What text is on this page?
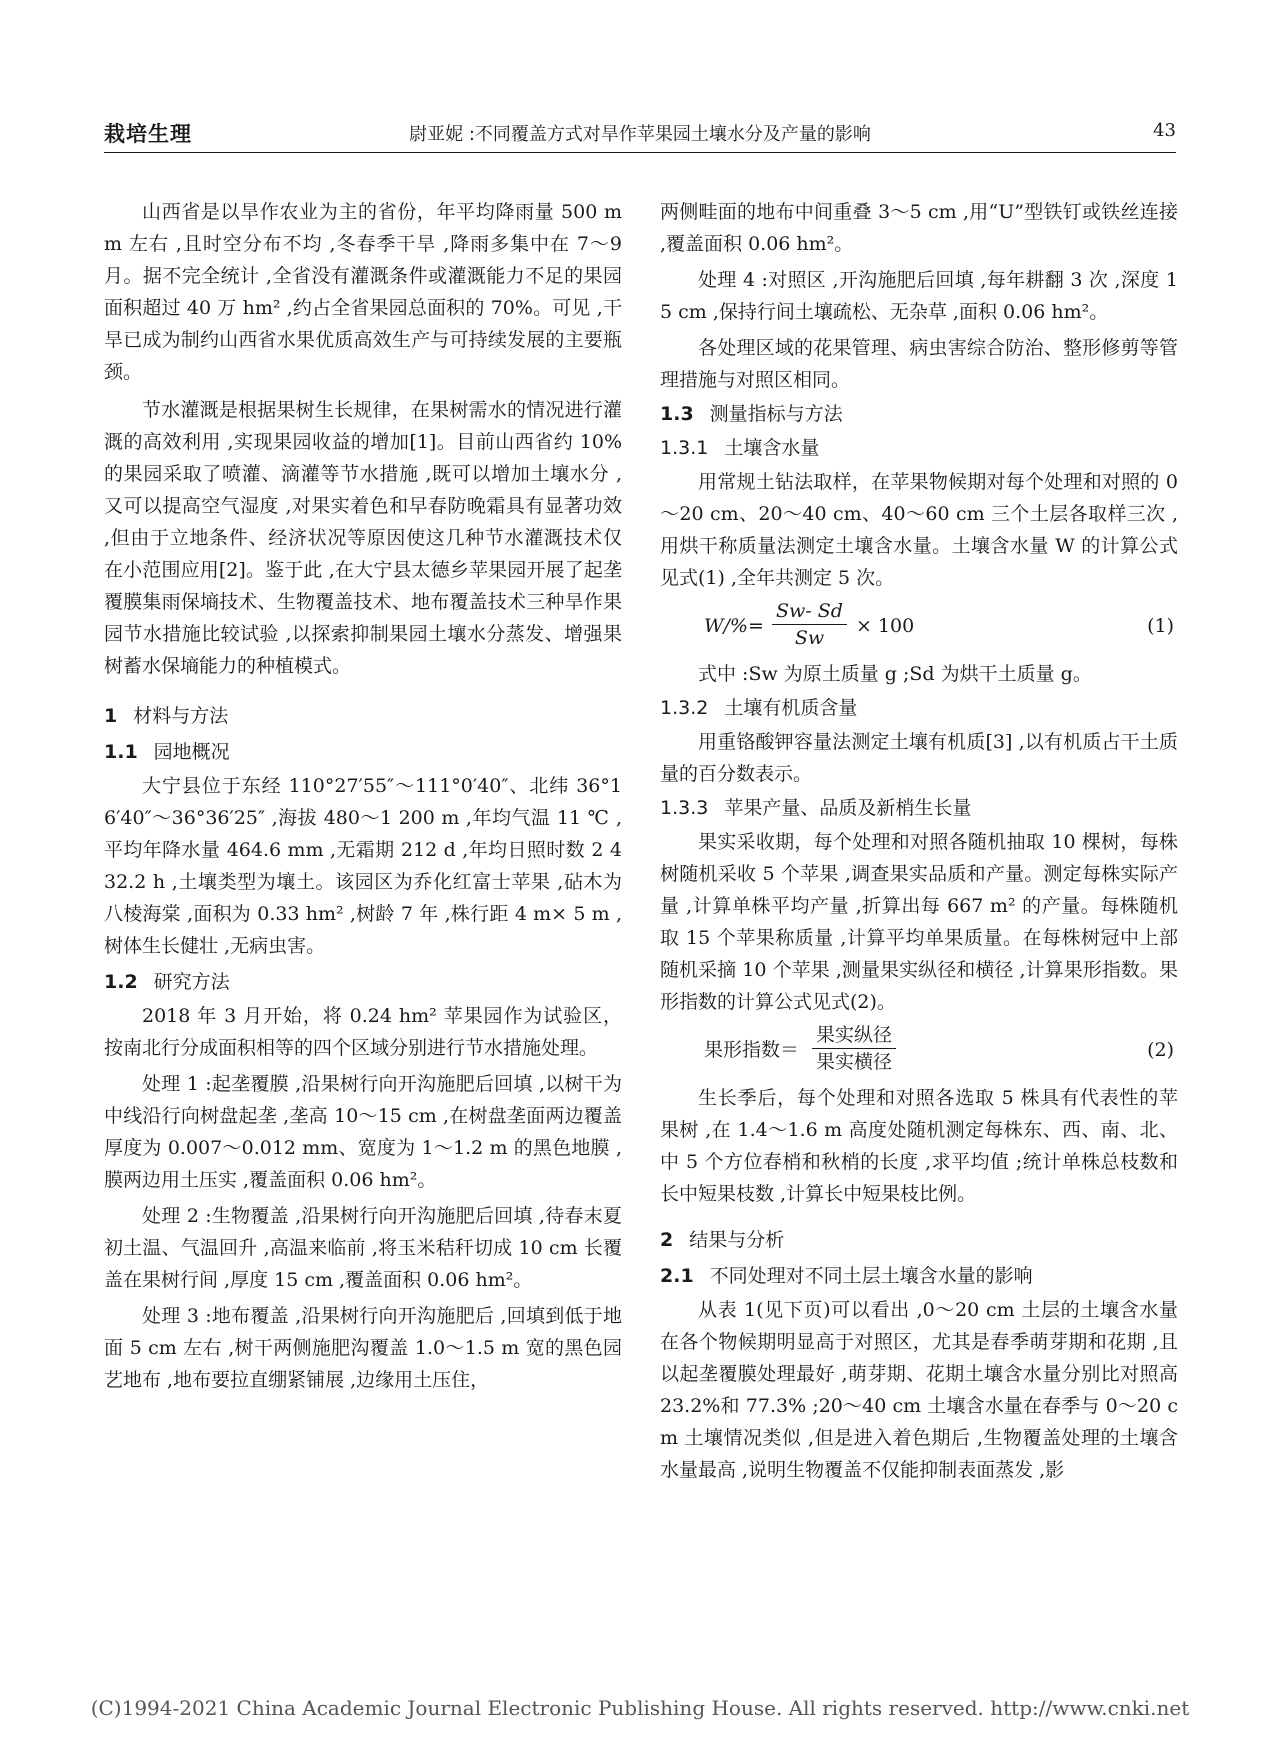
栽培生理	尉亚妮 :不同覆盖方式对旱作苹果园土壤水分及产量的影响	43

山西省是以旱作农业为主的省份，年平均降雨量 500 mm 左右 ,且时空分布不均 ,冬春季干旱 ,降雨多集中在 7～9 月。据不完全统计 ,全省没有灌溉条件或灌溉能力不足的果园面积超过 40 万 hm² ,约占全省果园总面积的 70%。可见 ,干旱已成为制约山西省水果优质高效生产与可持续发展的主要瓶颈。

节水灌溉是根据果树生长规律，在果树需水的情况进行灌溉的高效利用 ,实现果园收益的增加[1]。目前山西省约 10%的果园采取了喷灌、滴灌等节水措施 ,既可以增加土壤水分 ,又可以提高空气湿度 ,对果实着色和早春防晚霜具有显著功效 ,但由于立地条件、经济状况等原因使这几种节水灌溉技术仅在小范围应用[2]。鉴于此 ,在大宁县太德乡苹果园开展了起垄覆膜集雨保墒技术、生物覆盖技术、地布覆盖技术三种旱作果园节水措施比较试验 ,以探索抑制果园土壤水分蒸发、增强果树蓄水保墒能力的种植模式。

1 材料与方法
1.1 园地概况

大宁县位于东经 110°27′55″～111°0′40″、北纬 36°16′40″～36°36′25″ ,海拔 480～1 200 m ,年均气温 11 ℃ ,平均年降水量 464.6 mm ,无霜期 212 d ,年均日照时数 2 432.2 h ,土壤类型为壤土。该园区为乔化红富士苹果 ,砧木为八棱海棠 ,面积为 0.33 hm² ,树龄 7 年 ,株行距 4 m× 5 m ,树体生长健壮 ,无病虫害。

1.2 研究方法

2018 年 3 月开始，将 0.24 hm² 苹果园作为试验区，按南北行分成面积相等的四个区域分别进行节水措施处理。

处理 1 :起垄覆膜 ,沿果树行向开沟施肥后回填 ,以树干为中线沿行向树盘起垄 ,垄高 10～15 cm ,在树盘垄面两边覆盖厚度为 0.007～0.012 mm、宽度为 1～1.2 m 的黑色地膜 ,膜两边用土压实 ,覆盖面积 0.06 hm²。

处理 2 :生物覆盖 ,沿果树行向开沟施肥后回填 ,待春末夏初土温、气温回升 ,高温来临前 ,将玉米秸秆切成 10 cm 长覆盖在果树行间 ,厚度 15 cm ,覆盖面积 0.06 hm²。

处理 3 :地布覆盖 ,沿果树行向开沟施肥后 ,回填到低于地面 5 cm 左右 ,树干两侧施肥沟覆盖 1.0～1.5 m 宽的黑色园艺地布 ,地布要拉直绷紧铺展 ,边缘用土压住，

两侧畦面的地布中间重叠 3～5 cm ,用“U”型铁钉或铁丝连接 ,覆盖面积 0.06 hm²。

处理 4 :对照区 ,开沟施肥后回填 ,每年耕翻 3 次 ,深度 15 cm ,保持行间土壤疏松、无杂草 ,面积 0.06 hm²。

各处理区域的花果管理、病虫害综合防治、整形修剪等管理措施与对照区相同。

1.3 测量指标与方法
1.3.1 土壤含水量

用常规土钻法取样，在苹果物候期对每个处理和对照的 0～20 cm、20～40 cm、40～60 cm 三个土层各取样三次 ,用烘干称质量法测定土壤含水量。土壤含水量 W 的计算公式见式(1) ,全年共测定 5 次。

$W/\%= \frac{Sw- Sd}{Sw} \times 100$	(1)

式中 :Sw 为原土质量 g ;Sd 为烘干土质量 g。

1.3.2 土壤有机质含量

用重铬酸钾容量法测定土壤有机质[3] ,以有机质占干土质量的百分数表示。

1.3.3 苹果产量、品质及新梢生长量

果实采收期，每个处理和对照各随机抽取 10 棵树，每株树随机采收 5 个苹果 ,调查果实品质和产量。测定每株实际产量 ,计算单株平均产量 ,折算出每 667 m² 的产量。每株随机取 15 个苹果称质量 ,计算平均单果质量。在每株树冠中上部随机采摘 10 个苹果 ,测量果实纵径和横径 ,计算果形指数。果形指数的计算公式见式(2)。

果形指数＝
果实纵径
果实横径
(2)

生长季后，每个处理和对照各选取 5 株具有代表性的苹果树 ,在 1.4～1.6 m 高度处随机测定每株东、西、南、北、中 5 个方位春梢和秋梢的长度 ,求平均值 ;统计单株总枝数和长中短果枝数 ,计算长中短果枝比例。

2 结果与分析
2.1 不同处理对不同土层土壤含水量的影响

从表 1(见下页)可以看出 ,0～20 cm 土层的土壤含水量在各个物候期明显高于对照区，尤其是春季萌芽期和花期 ,且以起垄覆膜处理最好 ,萌芽期、花期土壤含水量分别比对照高 23.2%和 77.3% ;20～40 cm 土壤含水量在春季与 0～20 cm 土壤情况类似 ,但是进入着色期后 ,生物覆盖处理的土壤含水量最高 ,说明生物覆盖不仅能抑制表面蒸发 ,影

(C)1994-2021 China Academic Journal Electronic Publishing House. All rights reserved. http://www.cnki.net
